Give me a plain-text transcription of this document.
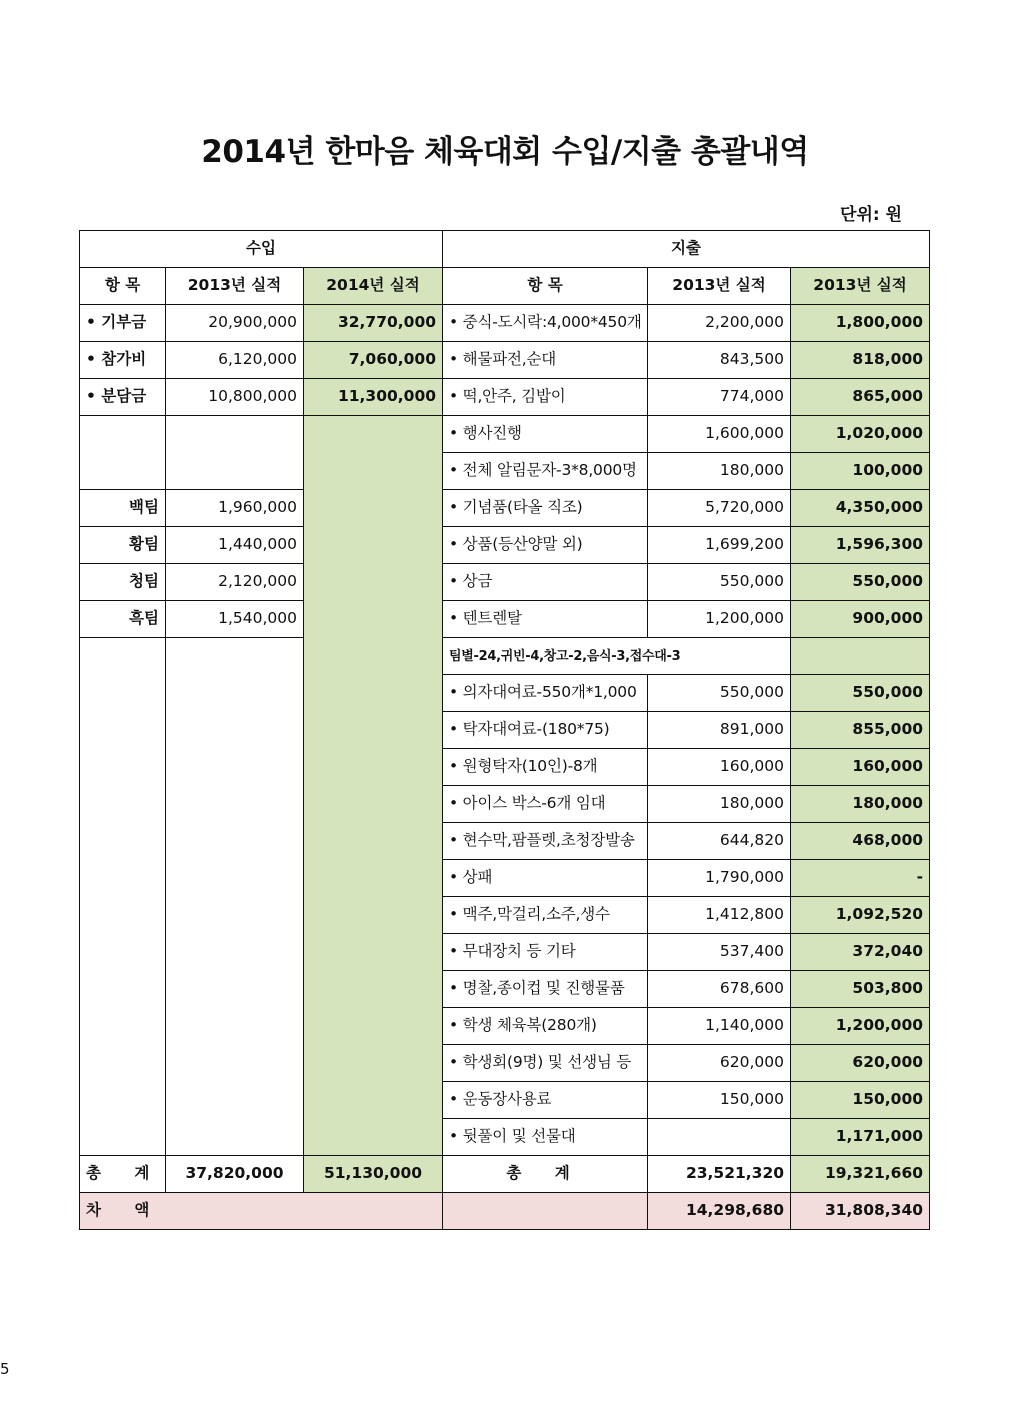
2014년 한마음 체육대회 수입/지출 총괄내역
단위: 원
수입			지출		
항 목	2013년 실적	2014년 실적	항 목	2013년 실적	2013년 실적
• 기부금	20,900,000	32,770,000	• 중식-도시락:4,000*450개	2,200,000	1,800,000
• 참가비	6,120,000	7,060,000	• 해물파전,순대	843,500	818,000
• 분담금	10,800,000	11,300,000	• 떡,안주, 김밥이	774,000	865,000
			• 행사진행	1,600,000	1,020,000
			• 전체 알림문자-3*8,000명	180,000	100,000
백팀	1,960,000		• 기념품(타올 직조)	5,720,000	4,350,000
황팀	1,440,000		• 상품(등산양말 외)	1,699,200	1,596,300
청팀	2,120,000		• 상금	550,000	550,000
흑팀	1,540,000		• 텐트렌탈	1,200,000	900,000
			팀별-24,귀빈-4,창고-2,음식-3,접수대-3		
			• 의자대여료-550개*1,000	550,000	550,000
			• 탁자대여료-(180*75)	891,000	855,000
			• 원형탁자(10인)-8개	160,000	160,000
			• 아이스 박스-6개 임대	180,000	180,000
			• 현수막,팜플렛,초청장발송	644,820	468,000
			• 상패	1,790,000	-
			• 맥주,막걸리,소주,생수	1,412,800	1,092,520
			• 무대장치 등 기타	537,400	372,040
			• 명찰,종이컵 및 진행물품	678,600	503,800
			• 학생 체육복(280개)	1,140,000	1,200,000
			• 학생회(9명) 및 선생님 등	620,000	620,000
			• 운동장사용료	150,000	150,000
			• 뒷풀이 및 선물대		1,171,000
총 계	37,820,000	51,130,000	총 계	23,521,320	19,321,660
차 액				14,298,680	31,808,340
5
